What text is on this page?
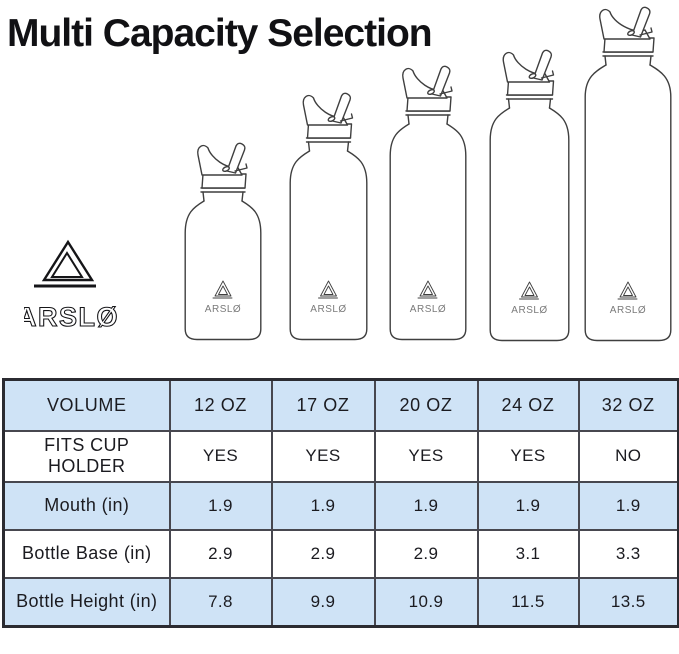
Multi Capacity Selection
ARSLØ	ARSLØ	ARSLØ	ARSLØ	ARSLØ	ARSLØ
VOLUME	12 OZ	17 OZ	20 OZ	24 OZ	32 OZ
FITS CUP HOLDER	YES	YES	YES	YES	NO
Mouth (in)	1.9	1.9	1.9	1.9	1.9
Bottle Base (in)	2.9	2.9	2.9	3.1	3.3
Bottle Height (in)	7.8	9.9	10.9	11.5	13.5
